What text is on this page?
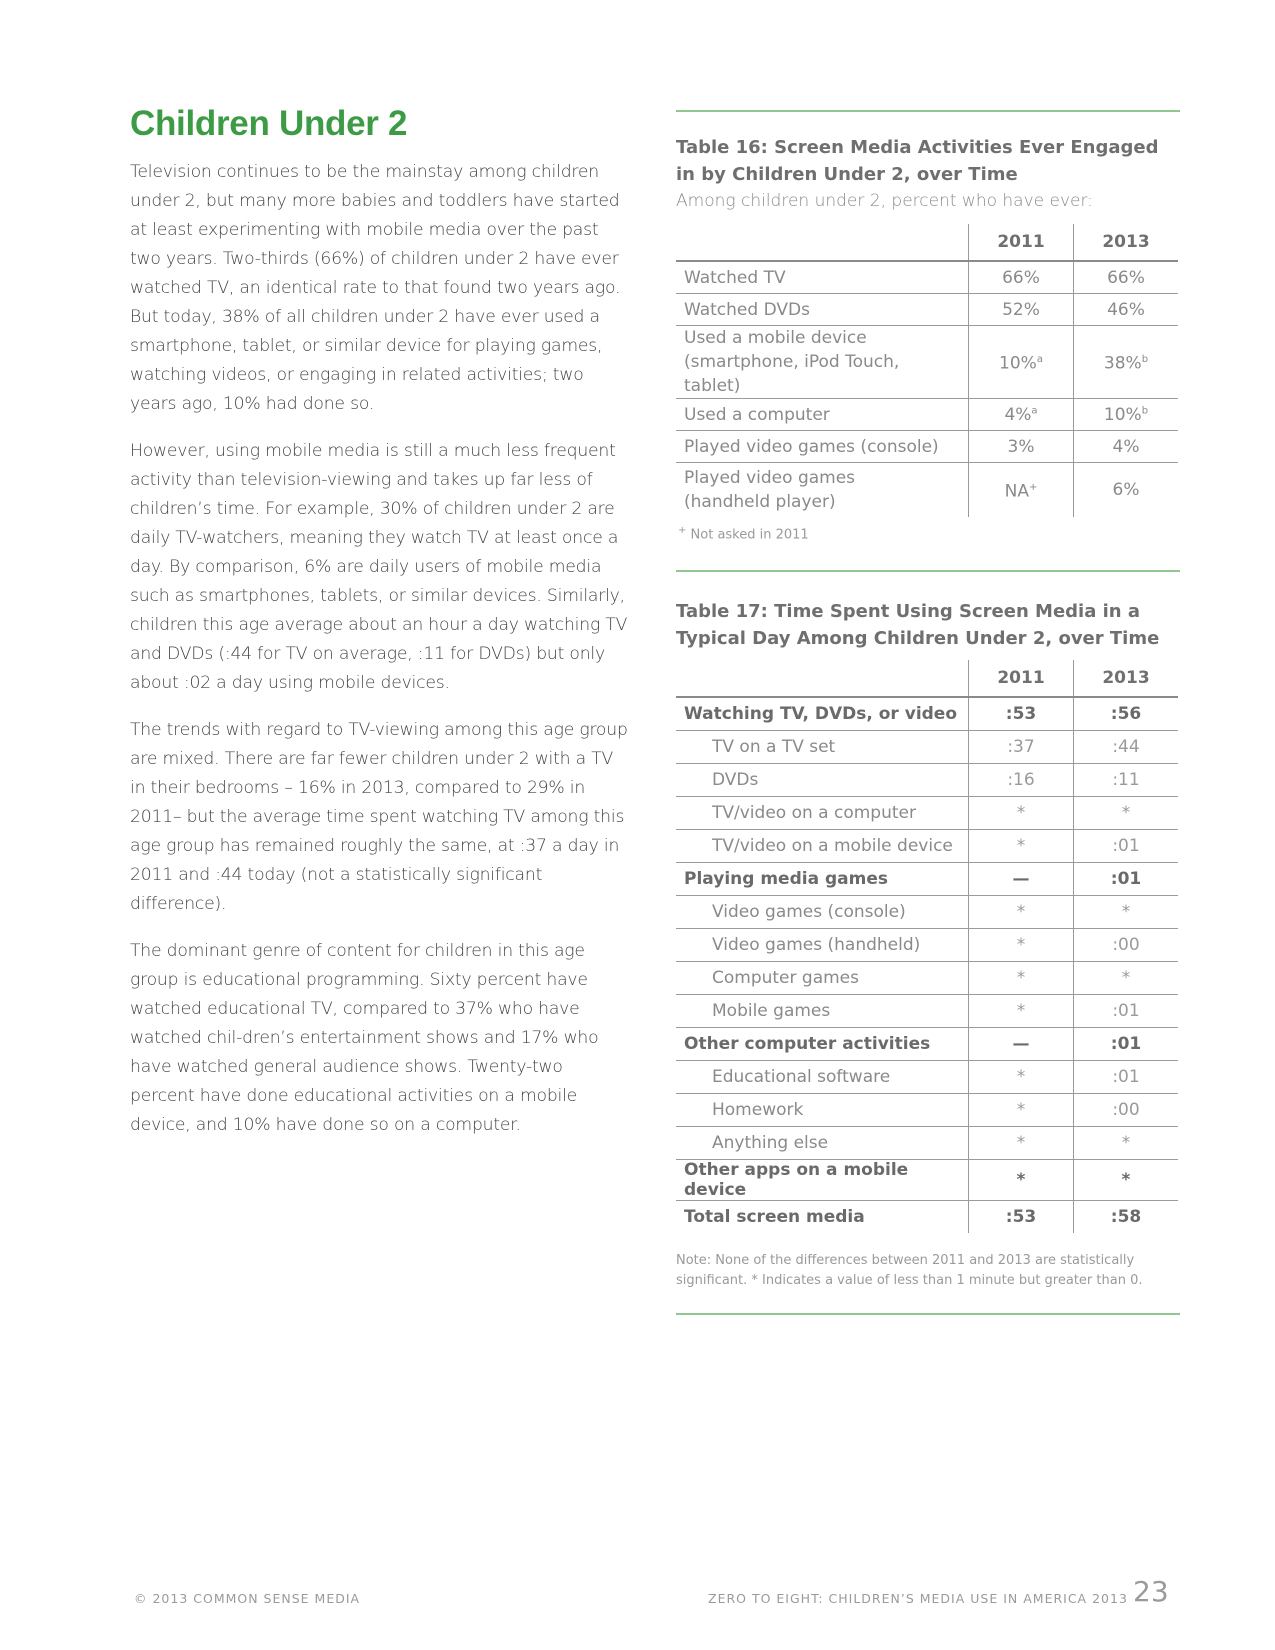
Children Under 2

Television continues to be the mainstay among children under 2, but many more babies and toddlers have started at least experimenting with mobile media over the past two years. Two-thirds (66%) of children under 2 have ever watched TV, an identical rate to that found two years ago. But today, 38% of all children under 2 have ever used a smartphone, tablet, or similar device for playing games, watching videos, or engaging in related activities; two years ago, 10% had done so.

However, using mobile media is still a much less frequent activity than television-viewing and takes up far less of children’s time. For example, 30% of children under 2 are daily TV-watchers, meaning they watch TV at least once a day. By comparison, 6% are daily users of mobile media such as smartphones, tablets, or similar devices. Similarly, children this age average about an hour a day watching TV and DVDs (:44 for TV on average, :11 for DVDs) but only about :02 a day using mobile devices.

The trends with regard to TV-viewing among this age group are mixed. There are far fewer children under 2 with a TV in their bedrooms – 16% in 2013, compared to 29% in 2011– but the average time spent watching TV among this age group has remained roughly the same, at :37 a day in 2011 and :44 today (not a statistically significant difference).

The dominant genre of content for children in this age group is educational programming. Sixty percent have watched educational TV, compared to 37% who have watched chil-dren’s entertainment shows and 17% who have watched general audience shows. Twenty-two percent have done educational activities on a mobile device, and 10% have done so on a computer.

Table 16: Screen Media Activities Ever Engaged in by Children Under 2, over Time
Among children under 2, percent who have ever:
	2011	2013
Watched TV	66%	66%
Watched DVDs	52%	46%
Used a mobile device
(smartphone, iPod Touch, tablet)	10%$^a$	38%$^b$
Used a computer	4%$^a$	10%$^b$
Played video games (console)	3%	4%
Played video games
(handheld player)	NA+	6%
+ Not asked in 2011
Table 17: Time Spent Using Screen Media in a Typical Day Among Children Under 2, over Time
	2011	2013
Watching TV, DVDs, or video	:53	:56
TV on a TV set	:37	:44
DVDs	:16	:11
TV/video on a computer	*	*
TV/video on a mobile device	*	:01
Playing media games	—	:01
Video games (console)	*	*
Video games (handheld)	*	:00
Computer games	*	*
Mobile games	*	:01
Other computer activities	—	:01
Educational software	*	:01
Homework	*	:00
Anything else	*	*
Other apps on a mobile device	*	*
Total screen media	:53	:58
Note: None of the differences between 2011 and 2013 are statistically significant. * Indicates a value of less than 1 minute but greater than 0.
© 2013 COMMON SENSE MEDIA	ZERO TO EIGHT: CHILDREN’S MEDIA USE IN AMERICA 2013 23
